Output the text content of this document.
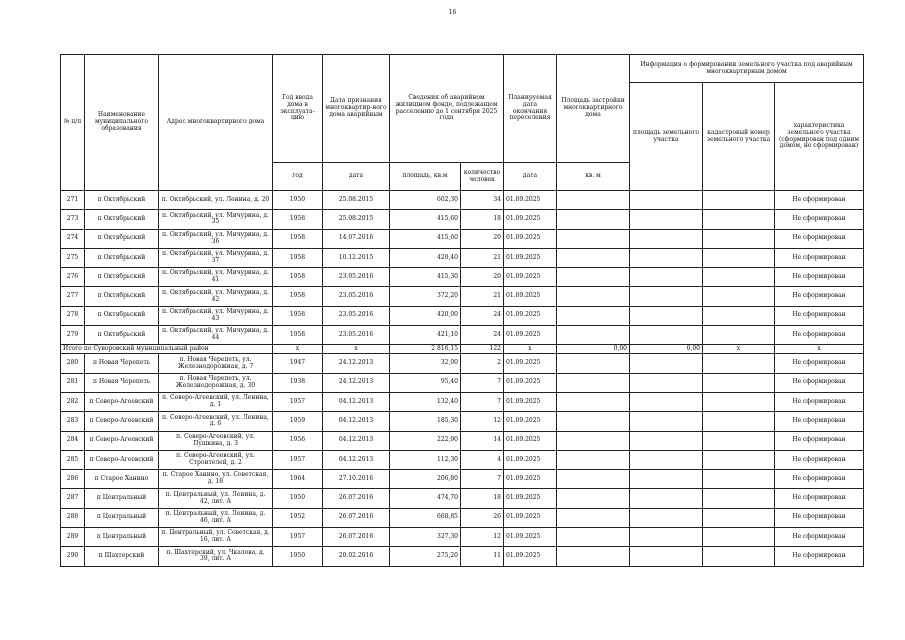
16
№ п/п	Наименование муниципального образования	Адрес многоквартирного дома	Год ввода дома в эксплуата-цию	Дата признания многоквартир-ного дома аварийным	Сведения об аварийном жилищном фонде, подлежащем расселению до 1 сентября 2025 года		Планируемая дата окончания переселения	Площадь застройки многоквартирного дома	Информация о формировании земельного участка под аварийным многоквартирным домом		
									площадь земельного участка	кадастровый номер земельного участка	характеристика земельного участка (сформирован под одним домом, не сформирован)
			год	дата	площадь, кв.м	количество человек	дата	кв. м			
271	п Октябрьский	п. Октябрьский, ул. Ленина, д. 20	1950	25.08.2015	602,30	34	01.09.2025				Не сформирован
273	п Октябрьский	п. Октябрьский, ул. Мичурина, д. 35	1958	25.08.2015	415,60	18	01.09.2025				Не сформирован
274	п Октябрьский	п. Октябрьский, ул. Мичурина, д. 36	1958	14.07.2016	415,60	20	01.09.2025				Не сформирован
275	п Октябрьский	п. Октябрьский, ул. Мичурина, д. 37	1958	10.12.2015	420,40	21	01.09.2025				Не сформирован
276	п Октябрьский	п. Октябрьский, ул. Мичурина, д. 41	1958	23.05.2016	415,30	20	01.09.2025				Не сформирован
277	п Октябрьский	п. Октябрьский, ул. Мичурина, д. 42	1958	23.05.2016	372,20	21	01.09.2025				Не сформирован
278	п Октябрьский	п. Октябрьский, ул. Мичурина, д. 43	1958	23.05.2016	420,00	24	01.09.2025				Не сформирован
279	п Октябрьский	п. Октябрьский, ул. Мичурина, д. 44	1958	23.05.2016	421,10	24	01.09.2025				Не сформирован
Итого по Суворовский муниципальный район			x	x	2 816,15	122	x	0,00	0,00	x	x
280	п Новая Черепеть	п. Новая Черепеть, ул. Железнодорожная, д. 7	1947	24.12.2013	32,00	2	01.09.2025				Не сформирован
281	п Новая Черепеть	п. Новая Черепеть, ул. Железнодорожная, д. 30	1938	24.12.2013	95,40	7	01.09.2025				Не сформирован
282	п Северо-Агеевский	п. Северо-Агеевский, ул. Ленина, д. 1	1957	04.12.2013	132,40	7	01.09.2025				Не сформирован
283	п Северо-Агеевский	п. Северо-Агеевский, ул. Ленина, д. 6	1959	04.12.2013	185,30	12	01.09.2025				Не сформирован
284	п Северо-Агеевский	п. Северо-Агеевский, ул. Пушкина, д. 3	1956	04.12.2013	222,90	14	01.09.2025				Не сформирован
285	п Северо-Агеевский	п. Северо-Агеевский, ул. Строителей, д. 2	1957	04.12.2013	112,30	4	01.09.2025				Не сформирован
286	п Старое Ханино	п. Старое Ханино, ул. Советская, д. 18	1964	27.10.2016	206,80	7	01.09.2025				Не сформирован
287	п Центральный	п. Центральный, ул. Ленина, д. 42, лит. А	1950	26.07.2016	474,70	18	01.09.2025				Не сформирован
288	п Центральный	п. Центральный, ул. Ленина, д. 46, лит. А	1952	26.07.2016	668,85	26	01.09.2025				Не сформирован
289	п Центральный	п. Центральный, ул. Советская, д. 16, лит. А	1957	26.07.2016	327,30	12	01.09.2025				Не сформирован
290	п Шахтерский	п. Шахтерский, ул. Чкалова, д. 39, лит. А	1950	20.02.2016	275,20	11	01.09.2025				Не сформирован
